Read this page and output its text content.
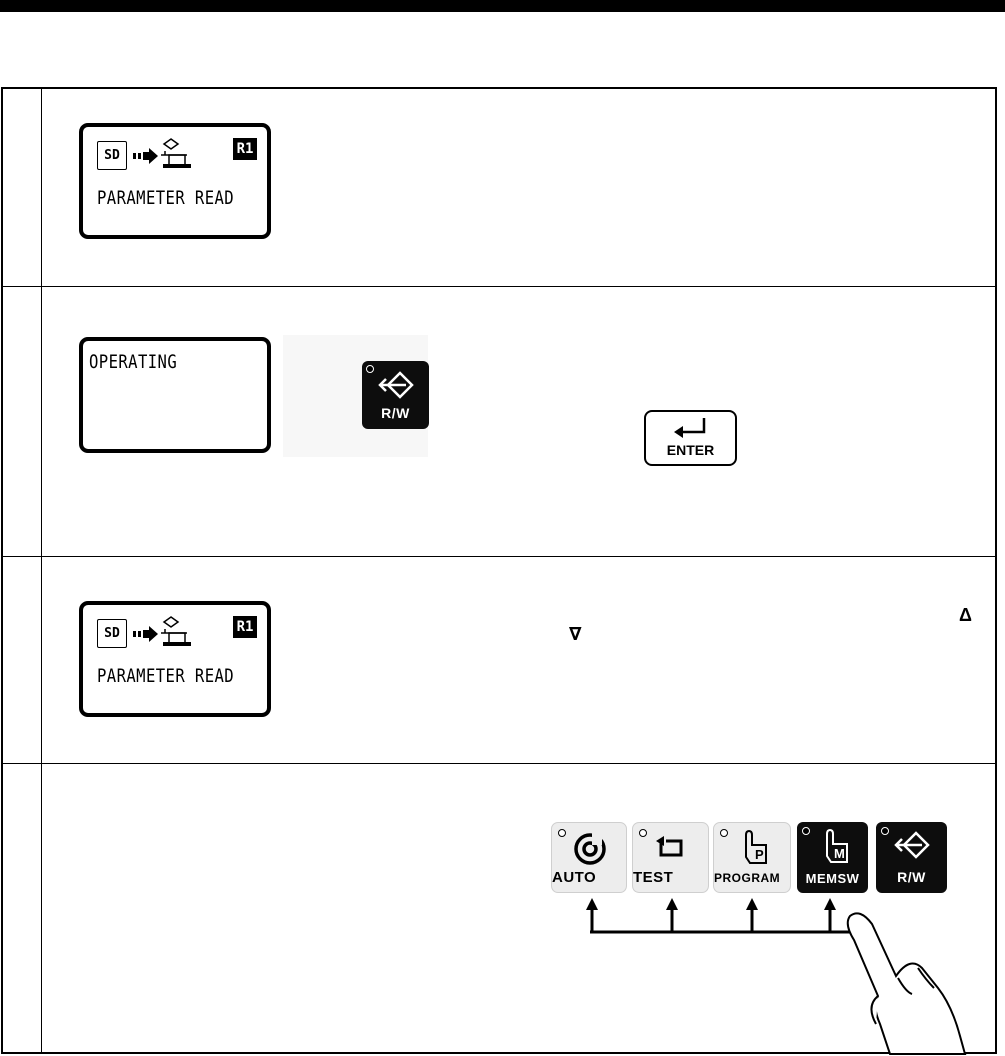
SD	R1
PARAMETER READ
OPERATING
R/W
ENTER
SD	R1
PARAMETER READ
Δ
∇
AUTO	TEST
P
PROGRAM
M
MEMSW	R/W
